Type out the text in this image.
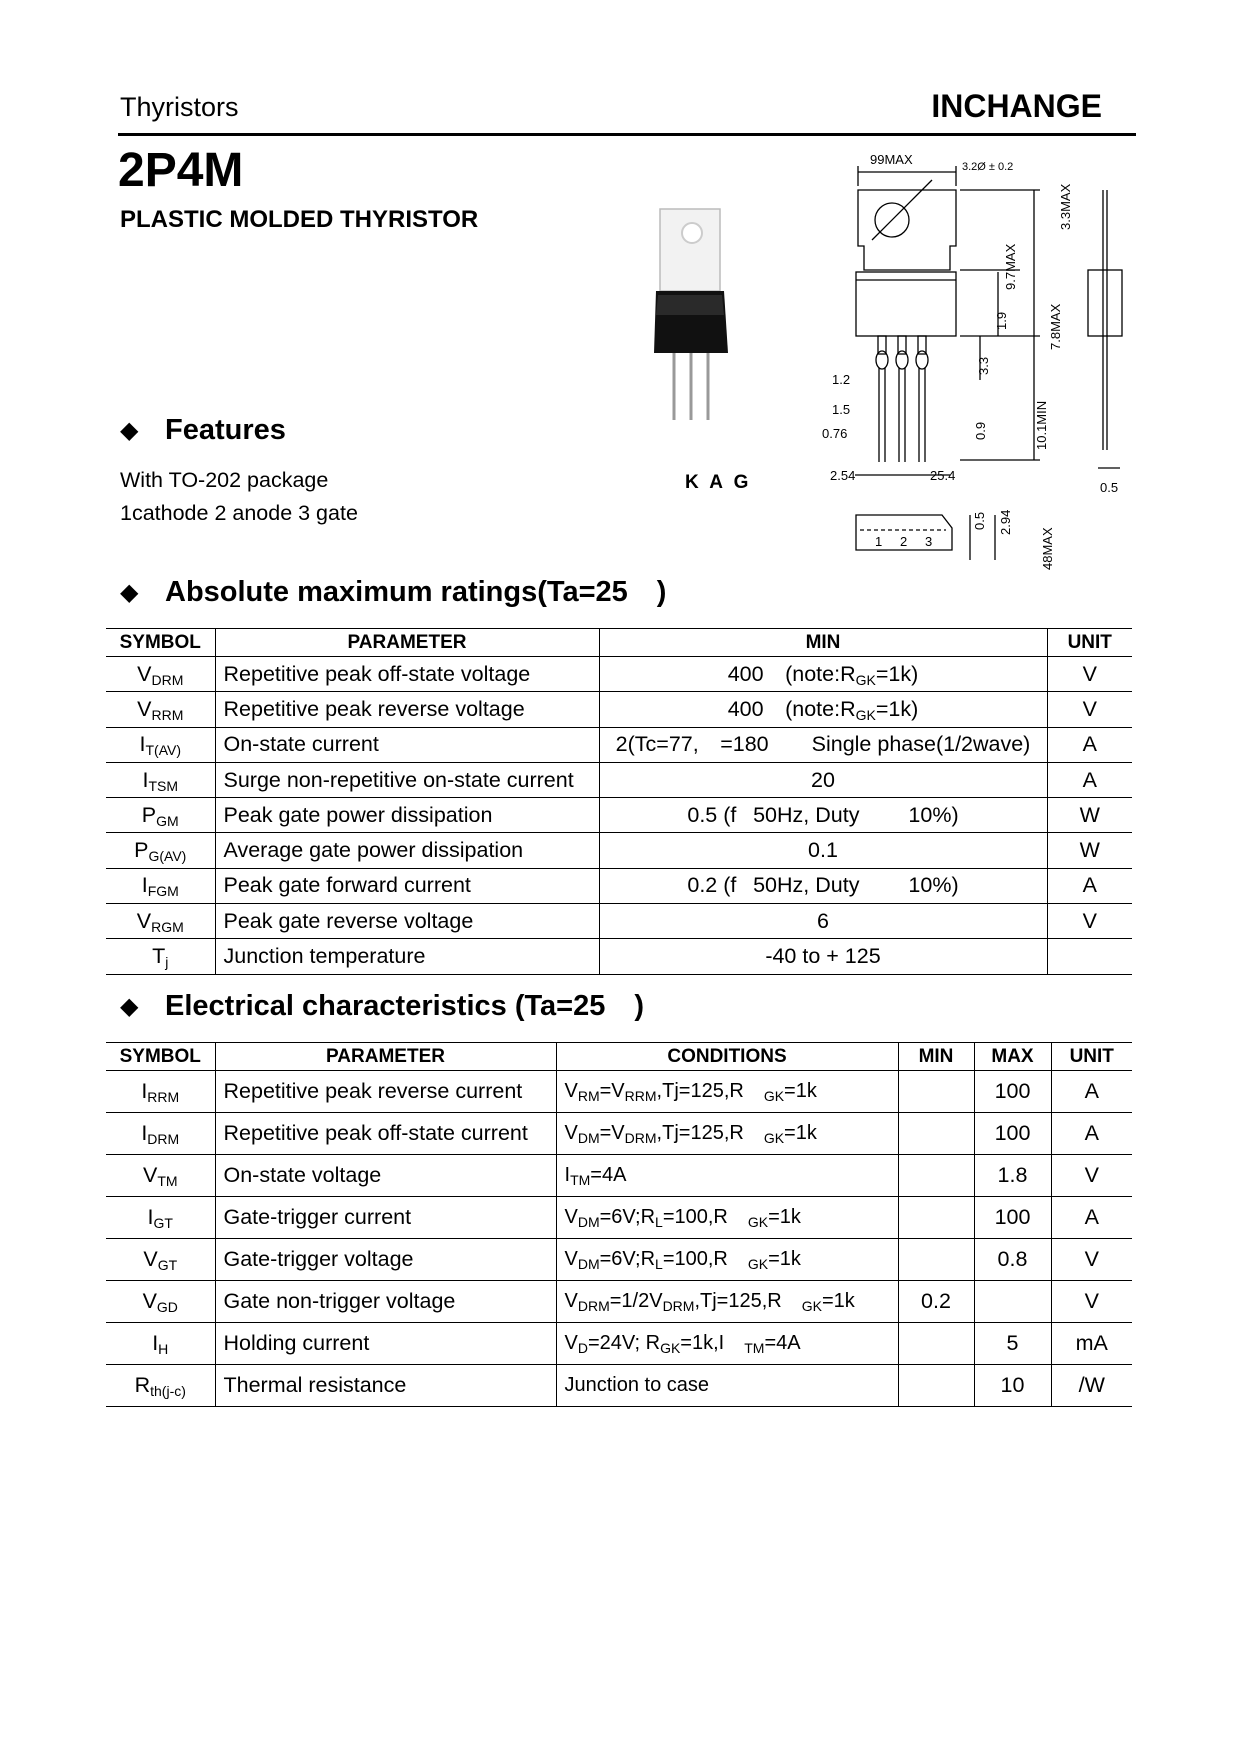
Thyristors	INCHANGE
2P4M
PLASTIC MOLDED THYRISTOR
K A G
99MAX	3.2Ø ± 0.2
3.3MAX
9.7MAX
7.8MAX
1.9
3.3
10.1MIN
0.9
1.2
1.5
0.76
2.54	25.4
0.5
0.5 2.94
48MAX
1 2 3
◆ Features
With TO-202 package
1cathode 2 anode 3 gate
◆ Absolute maximum ratings(Ta=25 )
SYMBOL	PARAMETER	MIN	UNIT
$V_{DRM}$	Repetitive peak off-state voltage	400 $(note:R_{GK}=1k)$	V
$V_{RRM}$	Repetitive peak reverse voltage	400 $(note:R_{GK}=1k)$	V
$I_{T(AV)}$	On-state current	2(Tc=77, =180  Single phase(1/2wave)	A
$I_{TSM}$	Surge non-repetitive on-state current	20	A
$P_{GM}$	Peak gate power dissipation	0.5 (f  50Hz, Duty   10%)	W
$P_{G(AV)}$	Average gate power dissipation	0.1	W
$I_{FGM}$	Peak gate forward current	0.2 (f  50Hz, Duty   10%)	A
$V_{RGM}$	Peak gate reverse voltage	6	V
$T_j$	Junction temperature	-40 to + 125	
◆ Electrical characteristics (Ta=25 )
SYMBOL	PARAMETER	CONDITIONS	MIN	MAX	UNIT
$I_{RRM}$	Repetitive peak reverse current	$V_{RM}=V_{RRM},Tj=125,R$ $_{GK}$=1k		100	A
$I_{DRM}$	Repetitive peak off-state current	$V_{DM}=V_{DRM},Tj=125,R$ $_{GK}$=1k		100	A
$V_{TM}$	On-state voltage	$I_{TM}=4A$		1.8	V
$I_{GT}$	Gate-trigger current	$V_{DM}=6V;R_L=100,R$ $_{GK}$=1k		100	A
$V_{GT}$	Gate-trigger voltage	$V_{DM}=6V;R_L=100,R$ $_{GK}$=1k		0.8	V
$V_{GD}$	Gate non-trigger voltage	$V_{DRM}=1/2V_{DRM},Tj=125,R$ $_{GK}$=1k	0.2		V
$I_H$	Holding current	$V_D=24V$; $R_{GK}=1k,I$ $_{TM}$=4A		5	mA
$R_{th(j-c)}$	Thermal resistance	Junction to case		10	/W
